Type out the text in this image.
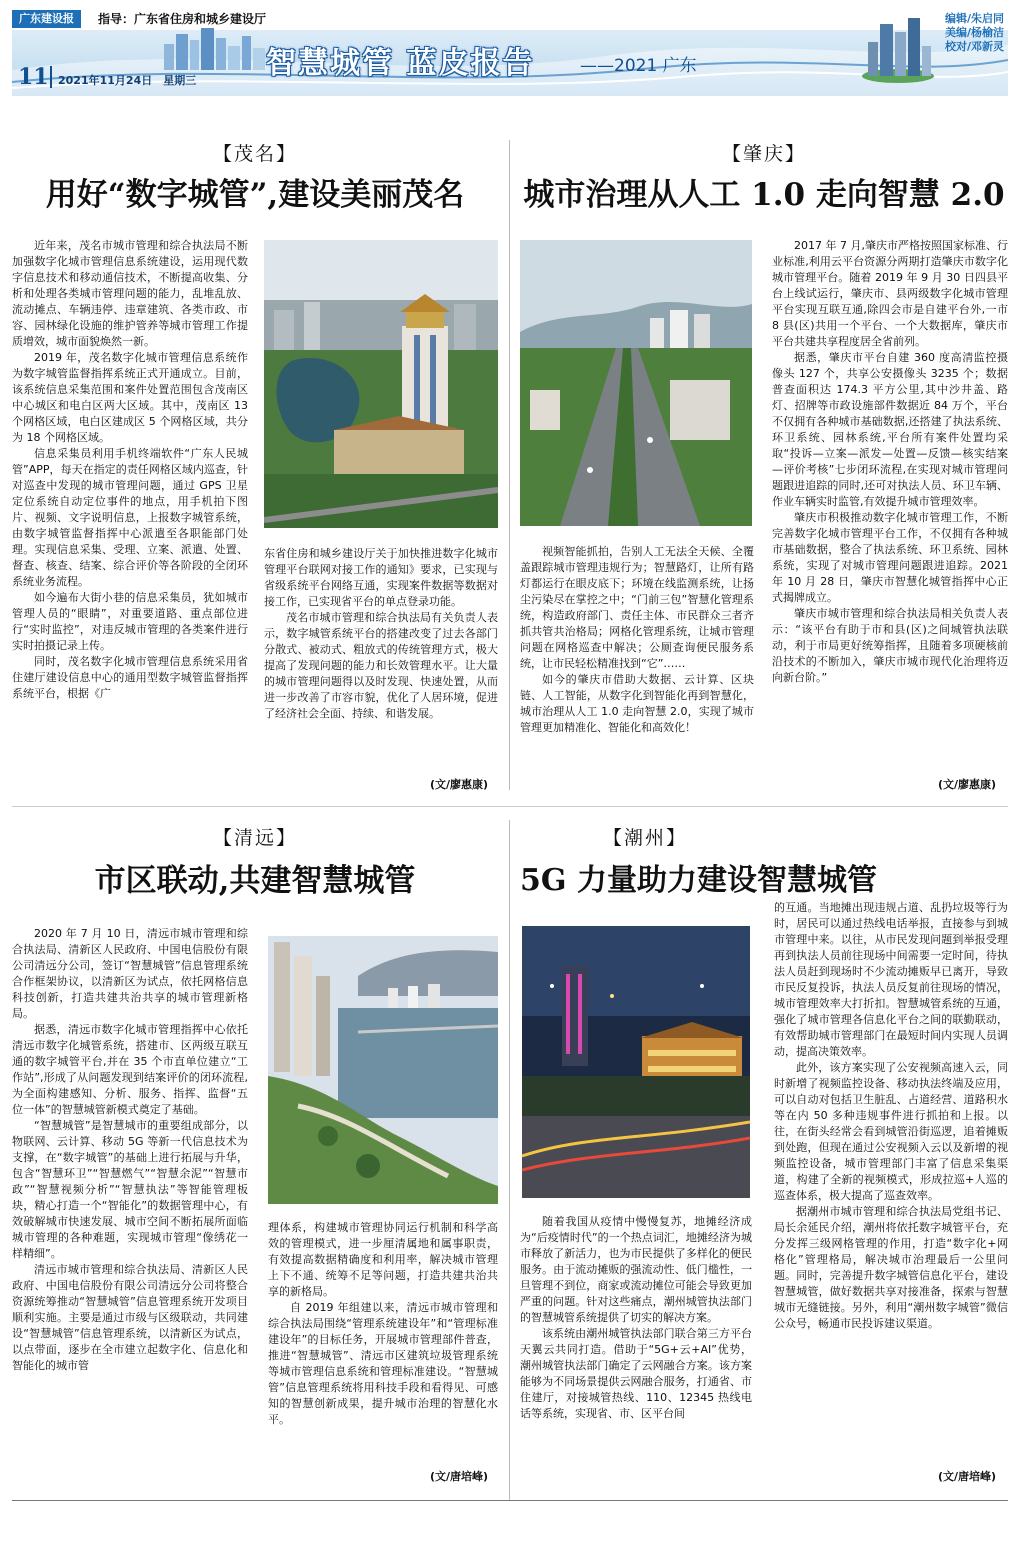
广东建设报	指导：广东省住房和城乡建设厅
11 2021年11月24日　星期三 智慧城管 蓝皮报告	——2021 广东
编辑/朱启同
美编/杨榆洁
校对/邓新灵
【茂名】
用好“数字城管”,建设美丽茂名

近年来，茂名市城市管理和综合执法局不断加强数字化城市管理信息系统建设，运用现代数字信息技术和移动通信技术，不断提高收集、分析和处理各类城市管理问题的能力，乱堆乱放、流动摊点、车辆违停、违章建筑、各类市政、市容、园林绿化设施的维护管养等城市管理工作提质增效，城市面貌焕然一新。

2019 年，茂名数字化城市管理信息系统作为数字城管监督指挥系统正式开通成立。目前，该系统信息采集范围和案件处置范围包含茂南区中心城区和电白区两大区域。其中，茂南区 13 个网格区域，电白区建成区 5 个网格区域，共分为 18 个网格区域。

信息采集员利用手机终端软件“广东人民城管”APP，每天在指定的责任网格区域内巡查，针对巡查中发现的城市管理问题，通过 GPS 卫星定位系统自动定位事件的地点，用手机拍下图片、视频、文字说明信息，上报数字城管系统，由数字城管监督指挥中心派遣至各职能部门处理。实现信息采集、受理、立案、派遣、处置、督查、核查、结案、综合评价等各阶段的全闭环系统业务流程。

如今遍布大街小巷的信息采集员，犹如城市管理人员的“眼睛”，对重要道路、重点部位进行“实时监控”，对违反城市管理的各类案件进行实时拍摄记录上传。

同时，茂名数字化城市管理信息系统采用省住建厅建设信息中心的通用型数字城管监督指挥系统平台，根据《广

东省住房和城乡建设厅关于加快推进数字化城市管理平台联网对接工作的通知》要求，已实现与省级系统平台网络互通，实现案件数据等数据对接工作，已实现省平台的单点登录功能。

茂名市城市管理和综合执法局有关负责人表示，数字城管系统平台的搭建改变了过去各部门分散式、被动式、粗放式的传统管理方式，极大提高了发现问题的能力和长效管理水平。让大量的城市管理问题得以及时发现、快速处置，从而进一步改善了市容市貌，优化了人居环境，促进了经济社会全面、持续、和谐发展。

(文/廖惠康)
【肇庆】
城市治理从人工 1.0 走向智慧 2.0

视频智能抓拍，告别人工无法全天候、全覆盖跟踪城市管理违规行为；智慧路灯，让所有路灯都运行在眼皮底下；环境在线监测系统，让扬尘污染尽在掌控之中；“门前三包”智慧化管理系统，构造政府部门、责任主体、市民群众三者齐抓共管共治格局；网格化管理系统，让城市管理问题在网格巡查中解决；公厕查询便民服务系统，让市民轻松精准找到“它”……

如今的肇庆市借助大数据、云计算、区块链、人工智能，从数字化到智能化再到智慧化，城市治理从人工 1.0 走向智慧 2.0，实现了城市管理更加精准化、智能化和高效化！

2017 年 7 月,肇庆市严格按照国家标准、行业标准,利用云平台资源分两期打造肇庆市数字化城市管理平台。随着 2019 年 9 月 30 日四县平台上线试运行，肇庆市、县两级数字化城市管理平台实现互联互通,除四会市是自建平台外,一市 8 县(区)共用一个平台、一个大数据库，肇庆市平台共建共享程度居全省前列。

据悉，肇庆市平台自建 360 度高清监控摄像头 127 个，共享公安摄像头 3235 个；数据普查面积达 174.3 平方公里,其中沙井盖、路灯、招牌等市政设施部件数据近 84 万个，平台不仅拥有各种城市基础数据,还搭建了执法系统、环卫系统、园林系统,平台所有案件处置均采取“投诉—立案—派发—处置—反馈—核实结案—评价考核”七步闭环流程,在实现对城市管理问题跟进追踪的同时,还可对执法人员、环卫车辆、作业车辆实时监管,有效提升城市管理效率。

肇庆市积极推动数字化城市管理工作，不断完善数字化城市管理平台工作，不仅拥有各种城市基础数据，整合了执法系统、环卫系统、园林系统，实现了对城市管理问题跟进追踪。2021 年 10 月 28 日，肇庆市智慧化城管指挥中心正式揭牌成立。

肇庆市城市管理和综合执法局相关负责人表示：“该平台有助于市和县(区)之间城管执法联动，利于市局更好统筹指挥，且随着多项硬核前沿技术的不断加入，肇庆市城市现代化治理将迈向新台阶。”

(文/廖惠康)
【清远】
市区联动,共建智慧城管

2020 年 7 月 10 日，清远市城市管理和综合执法局、清新区人民政府、中国电信股份有限公司清远分公司，签订“智慧城管”信息管理系统合作框架协议，以清新区为试点，依托网格信息科技创新，打造共建共治共享的城市管理新格局。

据悉，清远市数字化城市管理指挥中心依托清远市数字化城管系统，搭建市、区两级互联互通的数字城管平台,并在 35 个市直单位建立“工作站”,形成了从问题发现到结案评价的闭环流程,为全面构建感知、分析、服务、指挥、监督“五位一体”的智慧城管新模式奠定了基础。

“智慧城管”是智慧城市的重要组成部分，以物联网、云计算、移动 5G 等新一代信息技术为支撑，在“数字城管”的基础上进行拓展与升华，包含“智慧环卫”“智慧燃气”“智慧余泥”“智慧市政”“智慧视频分析”“智慧执法”等智能管理板块，精心打造一个“智能化”的数据管理中心，有效破解城市快速发展、城市空间不断拓展所面临城市管理的各种难题，实现城市管理“像绣花一样精细”。

清远市城市管理和综合执法局、清新区人民政府、中国电信股份有限公司清远分公司将整合资源统筹推动“智慧城管”信息管理系统开发项目顺利实施。主要是通过市级与区级联动，共同建设“智慧城管”信息管理系统，以清新区为试点，以点带面，逐步在全市建立起数字化、信息化和智能化的城市管

理体系，构建城市管理协同运行机制和科学高效的管理模式，进一步厘清属地和属事职责，有效提高数据精确度和利用率，解决城市管理上下不通、统筹不足等问题，打造共建共治共享的新格局。

自 2019 年组建以来，清远市城市管理和综合执法局围绕“管理系统建设年”和“管理标准建设年”的目标任务，开展城市管理部件普查，推进“智慧城管”、清远市区建筑垃圾管理系统等城市管理信息系统和管理标准建设。“智慧城管”信息管理系统将用科技手段和看得见、可感知的智慧创新成果，提升城市治理的智慧化水平。

(文/唐培峰)
【潮州】
5G 力量助力建设智慧城管

随着我国从疫情中慢慢复苏，地摊经济成为“后疫情时代”的一个热点词汇，地摊经济为城市释放了新活力，也为市民提供了多样化的便民服务。由于流动摊贩的强流动性、低门槛性，一旦管理不到位，商家或流动摊位可能会导致更加严重的问题。针对这些痛点，潮州城管执法部门的智慧城管系统提供了切实的解决方案。

该系统由潮州城管执法部门联合第三方平台天翼云共同打造。借助于“5G+云+AI”优势，潮州城管执法部门确定了云网融合方案。该方案能够为不同场景提供云网融合服务，打通省、市住建厅，对接城管热线、110、12345 热线电话等系统，实现省、市、区平台间

的互通。当地摊出现违规占道、乱扔垃圾等行为时，居民可以通过热线电话举报，直接参与到城市管理中来。以往，从市民发现问题到举报受理再到执法人员前往现场中间需要一定时间，待执法人员赶到现场时不少流动摊贩早已离开，导致市民反复投诉，执法人员反复前往现场的情况，城市管理效率大打折扣。智慧城管系统的互通，强化了城市管理各信息化平台之间的联勤联动，有效帮助城市管理部门在最短时间内实现人员调动，提高决策效率。

此外，该方案实现了公安视频高速入云，同时新增了视频监控设备、移动执法终端及应用，可以自动对包括卫生脏乱、占道经营、道路积水等在内 50 多种违规事件进行抓拍和上报。以往，在街头经常会看到城管沿街巡逻，追着摊贩到处跑，但现在通过公安视频入云以及新增的视频监控设备，城市管理部门丰富了信息采集渠道，构建了全新的视频模式，形成拉巡+人巡的巡查体系，极大提高了巡查效率。

据潮州市城市管理和综合执法局党组书记、局长余延民介绍，潮州将依托数字城管平台，充分发挥三级网格管理的作用，打造“数字化+网格化”管理格局，解决城市治理最后一公里问题。同时，完善提升数字城管信息化平台，建设智慧城管，做好数据共享对接准备，探索与智慧城市无缝链接。另外，利用“潮州数字城管”微信公众号，畅通市民投诉建议渠道。

(文/唐培峰)
